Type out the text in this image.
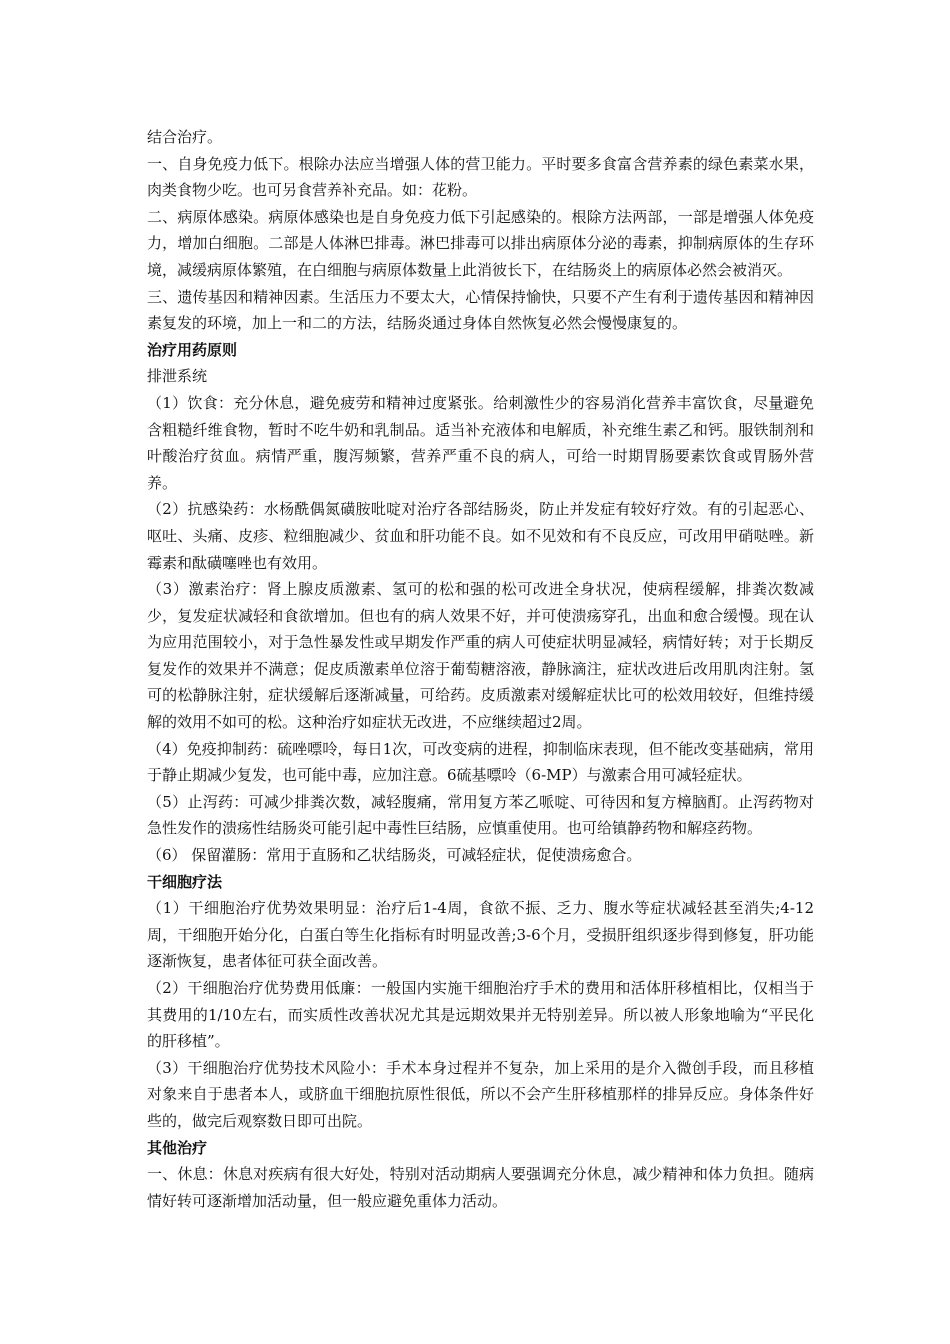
结合治疗。

一、自身免疫力低下。根除办法应当增强人体的营卫能力。平时要多食富含营养素的绿色素菜水果，肉类食物少吃。也可另食营养补充品。如：花粉。

二、病原体感染。病原体感染也是自身免疫力低下引起感染的。根除方法两部，一部是增强人体免疫力，增加白细胞。二部是人体淋巴排毒。淋巴排毒可以排出病原体分泌的毒素，抑制病原体的生存环境，减缓病原体繁殖，在白细胞与病原体数量上此消彼长下，在结肠炎上的病原体必然会被消灭。

三、遗传基因和精神因素。生活压力不要太大，心情保持愉快，只要不产生有利于遗传基因和精神因素复发的环境，加上一和二的方法，结肠炎通过身体自然恢复必然会慢慢康复的。

治疗用药原则

排泄系统

（1）饮食：充分休息，避免疲劳和精神过度紧张。给刺激性少的容易消化营养丰富饮食，尽量避免含粗糙纤维食物，暂时不吃牛奶和乳制品。适当补充液体和电解质，补充维生素乙和钙。服铁制剂和叶酸治疗贫血。病情严重，腹泻频繁，营养严重不良的病人，可给一时期胃肠要素饮食或胃肠外营养。

（2）抗感染药：水杨酰偶氮磺胺吡啶对治疗各部结肠炎，防止并发症有较好疗效。有的引起恶心、呕吐、头痛、皮疹、粒细胞减少、贫血和肝功能不良。如不见效和有不良反应，可改用甲硝哒唑。新霉素和酞磺噻唑也有效用。

（3）激素治疗：肾上腺皮质激素、氢可的松和强的松可改进全身状况，使病程缓解，排粪次数减少，复发症状减轻和食欲增加。但也有的病人效果不好，并可使溃疡穿孔，出血和愈合缓慢。现在认为应用范围较小，对于急性暴发性或早期发作严重的病人可使症状明显减轻，病情好转；对于长期反复发作的效果并不满意；促皮质激素单位溶于葡萄糖溶液，静脉滴注，症状改进后改用肌肉注射。氢可的松静脉注射，症状缓解后逐渐减量，可给药。皮质激素对缓解症状比可的松效用较好，但维持缓解的效用不如可的松。这种治疗如症状无改进，不应继续超过2周。

（4）免疫抑制药：硫唑嘌呤，每日1次，可改变病的进程，抑制临床表现，但不能改变基础病，常用于静止期减少复发，也可能中毒，应加注意。6硫基嘌呤（6-MP）与激素合用可减轻症状。

（5）止泻药：可减少排粪次数，减轻腹痛，常用复方苯乙哌啶、可待因和复方樟脑酊。止泻药物对急性发作的溃疡性结肠炎可能引起中毒性巨结肠，应慎重使用。也可给镇静药物和解痉药物。

（6） 保留灌肠：常用于直肠和乙状结肠炎，可减轻症状，促使溃疡愈合。

干细胞疗法

（1）干细胞治疗优势效果明显：治疗后1-4周，食欲不振、乏力、腹水等症状减轻甚至消失;4-12周，干细胞开始分化，白蛋白等生化指标有时明显改善;3-6个月，受损肝组织逐步得到修复，肝功能逐渐恢复，患者体征可获全面改善。

（2）干细胞治疗优势费用低廉：一般国内实施干细胞治疗手术的费用和活体肝移植相比，仅相当于其费用的1/10左右，而实质性改善状况尤其是远期效果并无特别差异。所以被人形象地喻为“平民化的肝移植”。

（3）干细胞治疗优势技术风险小：手术本身过程并不复杂，加上采用的是介入微创手段，而且移植对象来自于患者本人，或脐血干细胞抗原性很低，所以不会产生肝移植那样的排异反应。身体条件好些的，做完后观察数日即可出院。

其他治疗

一、休息：休息对疾病有很大好处，特别对活动期病人要强调充分休息，减少精神和体力负担。随病情好转可逐渐增加活动量，但一般应避免重体力活动。
